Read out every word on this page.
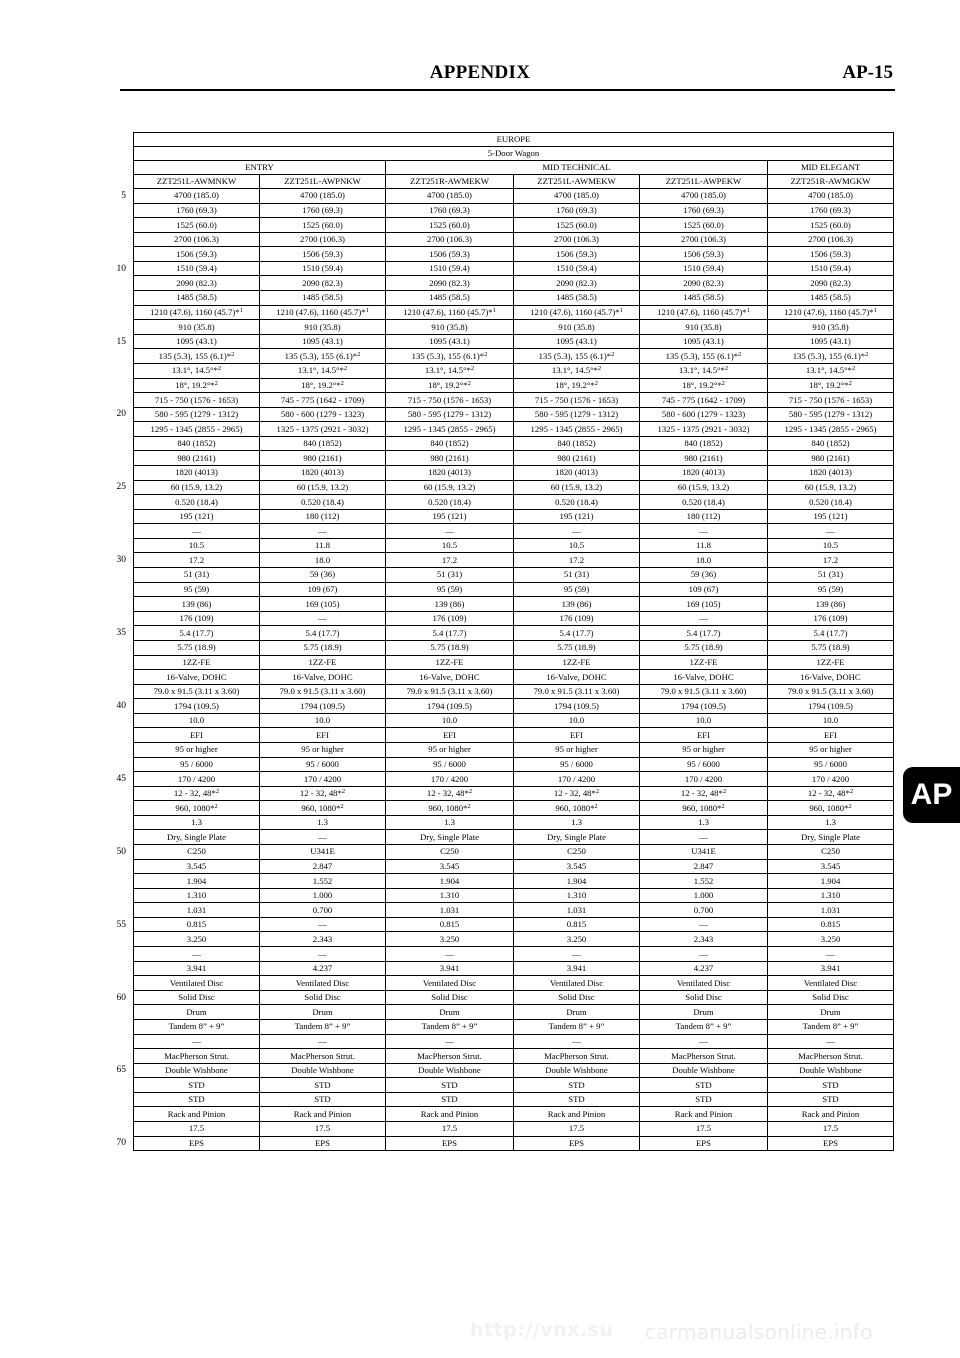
APPENDIX	AP-15
5
10
15
20
25
30
35
40
45
50
55
60
65
70
EUROPE					
5-Door Wagon					
ENTRY		MID TECHNICAL			MID ELEGANT
ZZT251L-AWMNKW	ZZT251L-AWPNKW	ZZT251R-AWMEKW	ZZT251L-AWMEKW	ZZT251L-AWPEKW	ZZT251R-AWMGKW
4700 (185.0)	4700 (185.0)	4700 (185.0)	4700 (185.0)	4700 (185.0)	4700 (185.0)
1760 (69.3)	1760 (69.3)	1760 (69.3)	1760 (69.3)	1760 (69.3)	1760 (69.3)
1525 (60.0)	1525 (60.0)	1525 (60.0)	1525 (60.0)	1525 (60.0)	1525 (60.0)
2700 (106.3)	2700 (106.3)	2700 (106.3)	2700 (106.3)	2700 (106.3)	2700 (106.3)
1506 (59.3)	1506 (59.3)	1506 (59.3)	1506 (59.3)	1506 (59.3)	1506 (59.3)
1510 (59.4)	1510 (59.4)	1510 (59.4)	1510 (59.4)	1510 (59.4)	1510 (59.4)
2090 (82.3)	2090 (82.3)	2090 (82.3)	2090 (82.3)	2090 (82.3)	2090 (82.3)
1485 (58.5)	1485 (58.5)	1485 (58.5)	1485 (58.5)	1485 (58.5)	1485 (58.5)
1210 (47.6), 1160 (45.7)*$^1$	1210 (47.6), 1160 (45.7)*$^1$	1210 (47.6), 1160 (45.7)*$^1$	1210 (47.6), 1160 (45.7)*$^1$	1210 (47.6), 1160 (45.7)*$^1$	1210 (47.6), 1160 (45.7)*$^1$
910 (35.8)	910 (35.8)	910 (35.8)	910 (35.8)	910 (35.8)	910 (35.8)
1095 (43.1)	1095 (43.1)	1095 (43.1)	1095 (43.1)	1095 (43.1)	1095 (43.1)
135 (5.3), 155 (6.1)*$^2$	135 (5.3), 155 (6.1)*$^2$	135 (5.3), 155 (6.1)*$^2$	135 (5.3), 155 (6.1)*$^2$	135 (5.3), 155 (6.1)*$^2$	135 (5.3), 155 (6.1)*$^2$
13.1°, 14.5°*$^2$	13.1°, 14.5°*$^2$	13.1°, 14.5°*$^2$	13.1°, 14.5°*$^2$	13.1°, 14.5°*$^2$	13.1°, 14.5°*$^2$
18°, 19.2°*$^2$	18°, 19.2°*$^2$	18°, 19.2°*$^2$	18°, 19.2°*$^2$	18°, 19.2°*$^2$	18°, 19.2°*$^2$
715 - 750 (1576 - 1653)	745 - 775 (1642 - 1709)	715 - 750 (1576 - 1653)	715 - 750 (1576 - 1653)	745 - 775 (1642 - 1709)	715 - 750 (1576 - 1653)
580 - 595 (1279 - 1312)	580 - 600 (1279 - 1323)	580 - 595 (1279 - 1312)	580 - 595 (1279 - 1312)	580 - 600 (1279 - 1323)	580 - 595 (1279 - 1312)
1295 - 1345 (2855 - 2965)	1325 - 1375 (2921 - 3032)	1295 - 1345 (2855 - 2965)	1295 - 1345 (2855 - 2965)	1325 - 1375 (2921 - 3032)	1295 - 1345 (2855 - 2965)
840 (1852)	840 (1852)	840 (1852)	840 (1852)	840 (1852)	840 (1852)
980 (2161)	980 (2161)	980 (2161)	980 (2161)	980 (2161)	980 (2161)
1820 (4013)	1820 (4013)	1820 (4013)	1820 (4013)	1820 (4013)	1820 (4013)
60 (15.9, 13.2)	60 (15.9, 13.2)	60 (15.9, 13.2)	60 (15.9, 13.2)	60 (15.9, 13.2)	60 (15.9, 13.2)
0.520 (18.4)	0.520 (18.4)	0.520 (18.4)	0.520 (18.4)	0.520 (18.4)	0.520 (18.4)
195 (121)	180 (112)	195 (121)	195 (121)	180 (112)	195 (121)
—	—	—	—	—	—
10.5	11.8	10.5	10.5	11.8	10.5
17.2	18.0	17.2	17.2	18.0	17.2
51 (31)	59 (36)	51 (31)	51 (31)	59 (36)	51 (31)
95 (59)	109 (67)	95 (59)	95 (59)	109 (67)	95 (59)
139 (86)	169 (105)	139 (86)	139 (86)	169 (105)	139 (86)
176 (109)	—	176 (109)	176 (109)	—	176 (109)
5.4 (17.7)	5.4 (17.7)	5.4 (17.7)	5.4 (17.7)	5.4 (17.7)	5.4 (17.7)
5.75 (18.9)	5.75 (18.9)	5.75 (18.9)	5.75 (18.9)	5.75 (18.9)	5.75 (18.9)
1ZZ-FE	1ZZ-FE	1ZZ-FE	1ZZ-FE	1ZZ-FE	1ZZ-FE
16-Valve, DOHC	16-Valve, DOHC	16-Valve, DOHC	16-Valve, DOHC	16-Valve, DOHC	16-Valve, DOHC
79.0 x 91.5 (3.11 x 3.60)	79.0 x 91.5 (3.11 x 3.60)	79.0 x 91.5 (3.11 x 3.60)	79.0 x 91.5 (3.11 x 3.60)	79.0 x 91.5 (3.11 x 3.60)	79.0 x 91.5 (3.11 x 3.60)
1794 (109.5)	1794 (109.5)	1794 (109.5)	1794 (109.5)	1794 (109.5)	1794 (109.5)
10.0	10.0	10.0	10.0	10.0	10.0
EFI	EFI	EFI	EFI	EFI	EFI
95 or higher	95 or higher	95 or higher	95 or higher	95 or higher	95 or higher
95 / 6000	95 / 6000	95 / 6000	95 / 6000	95 / 6000	95 / 6000
170 / 4200	170 / 4200	170 / 4200	170 / 4200	170 / 4200	170 / 4200
12 - 32, 48*$^2$	12 - 32, 48*$^2$	12 - 32, 48*$^2$	12 - 32, 48*$^2$	12 - 32, 48*$^2$	12 - 32, 48*$^2$
960, 1080*$^2$	960, 1080*$^2$	960, 1080*$^2$	960, 1080*$^2$	960, 1080*$^2$	960, 1080*$^2$
1.3	1.3	1.3	1.3	1.3	1.3
Dry, Single Plate	—	Dry, Single Plate	Dry, Single Plate	—	Dry, Single Plate
C250	U341E	C250	C250	U341E	C250
3.545	2.847	3.545	3.545	2.847	3.545
1.904	1.552	1.904	1.904	1.552	1.904
1.310	1.000	1.310	1.310	1.000	1.310
1.031	0.700	1.031	1.031	0.700	1.031
0.815	—	0.815	0.815	—	0.815
3.250	2.343	3.250	3.250	2.343	3.250
—	—	—	—	—	—
3.941	4.237	3.941	3.941	4.237	3.941
Ventilated Disc	Ventilated Disc	Ventilated Disc	Ventilated Disc	Ventilated Disc	Ventilated Disc
Solid Disc	Solid Disc	Solid Disc	Solid Disc	Solid Disc	Solid Disc
Drum	Drum	Drum	Drum	Drum	Drum
Tandem 8” + 9”	Tandem 8” + 9”	Tandem 8” + 9”	Tandem 8” + 9”	Tandem 8” + 9”	Tandem 8” + 9”
—	—	—	—	—	—
MacPherson Strut.	MacPherson Strut.	MacPherson Strut.	MacPherson Strut.	MacPherson Strut.	MacPherson Strut.
Double Wishbone	Double Wishbone	Double Wishbone	Double Wishbone	Double Wishbone	Double Wishbone
STD	STD	STD	STD	STD	STD
STD	STD	STD	STD	STD	STD
Rack and Pinion	Rack and Pinion	Rack and Pinion	Rack and Pinion	Rack and Pinion	Rack and Pinion
17.5	17.5	17.5	17.5	17.5	17.5
EPS	EPS	EPS	EPS	EPS	EPS
AP
http://vnx.su carmanualsonline.info
